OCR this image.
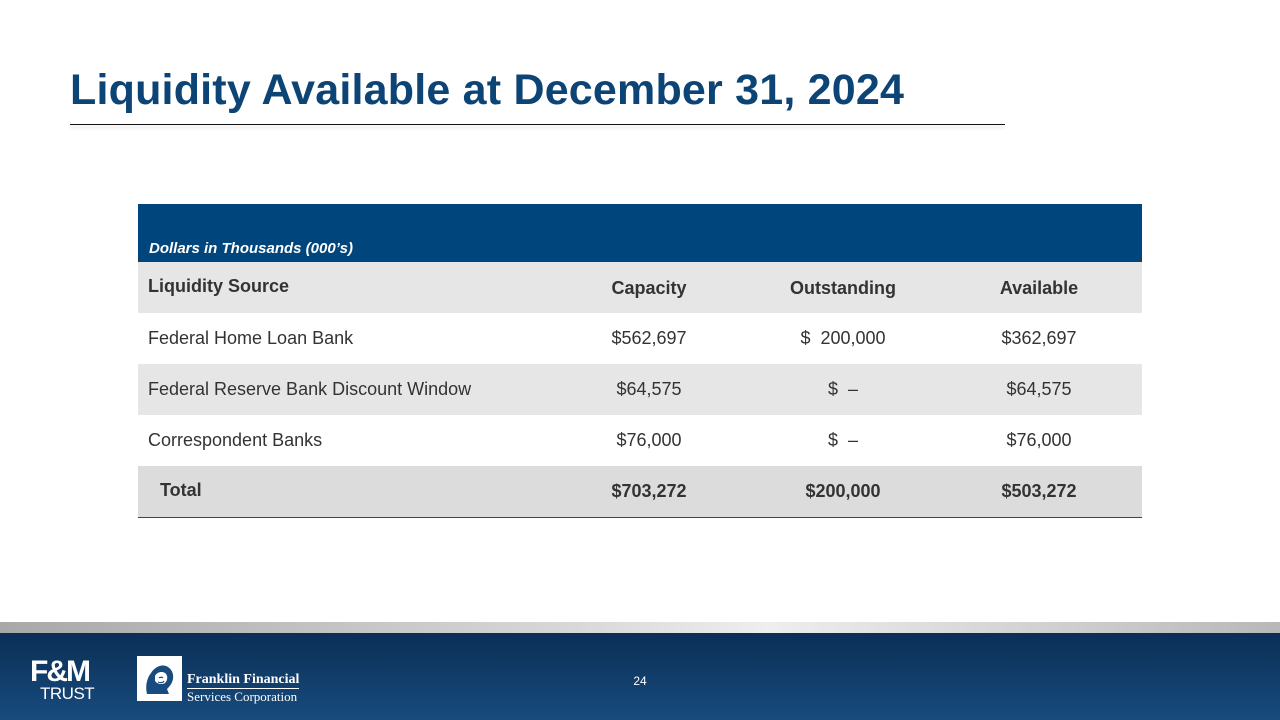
Liquidity Available at December 31, 2024
Dollars in Thousands (000’s)
Liquidity Source	Capacity	Outstanding	Available
Federal Home Loan Bank	$562,697	$  200,000	$362,697
Federal Reserve Bank Discount Window	$64,575	$  –	$64,575
Correspondent Banks	$76,000	$  –	$76,000
Total	$703,272	$200,000	$503,272
F&M
TRUST
Franklin Financial
Services Corporation
24
